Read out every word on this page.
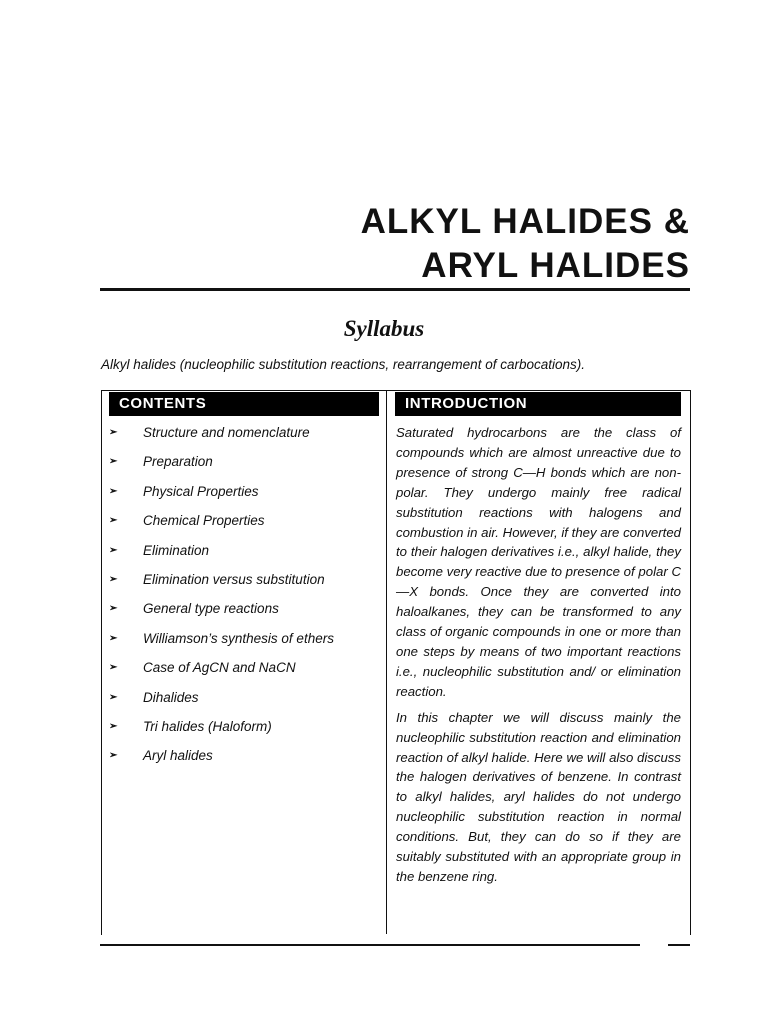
ALKYL HALIDES &
ARYL HALIDES
Syllabus
Alkyl halides (nucleophilic substitution reactions, rearrangement of carbocations).
CONTENTS	INTRODUCTION
➢ Structure and nomenclature
➢ Preparation
➢ Physical Properties
➢ Chemical Properties
➢ Elimination
➢ Elimination versus substitution
➢ General type reactions
➢ Williamson’s synthesis of ethers
➢ Case of AgCN and NaCN
➢ Dihalides
➢ Tri halides (Haloform)
➢ Aryl halides

Saturated hydrocarbons are the class of compounds which are almost unreactive due to presence of strong C—H bonds which are non-polar. They undergo mainly free radical substitution reactions with halogens and combustion in air. However, if they are converted to their halogen derivatives i.e., alkyl halide, they become very reactive due to presence of polar C—X bonds. Once they are converted into haloalkanes, they can be transformed to any class of organic compounds in one or more than one steps by means of two important reactions i.e., nucleophilic substitution and/ or elimination reaction.

In this chapter we will discuss mainly the nucleophilic substitution reaction and elimination reaction of alkyl halide. Here we will also discuss the halogen derivatives of benzene. In contrast to alkyl halides, aryl halides do not undergo nucleophilic substitution reaction in normal conditions. But, they can do so if they are suitably substituted with an appropriate group in the benzene ring.
